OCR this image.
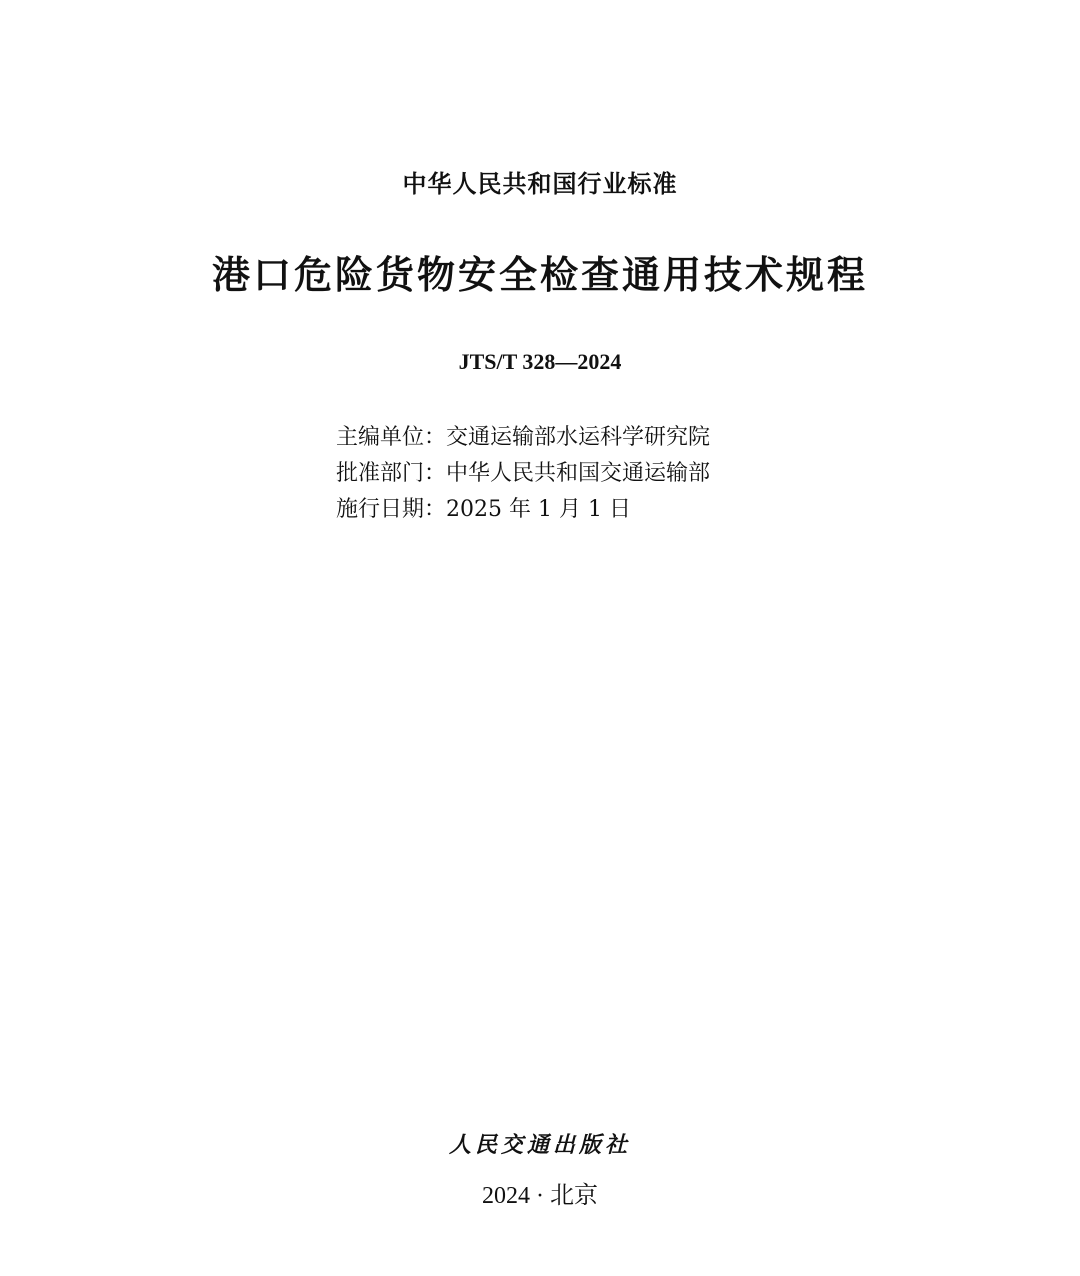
中华人民共和国行业标准
港口危险货物安全检查通用技术规程
JTS/T 328—2024
主编单位：交通运输部水运科学研究院
批准部门：中华人民共和国交通运输部
施行日期：2025 年 1 月 1 日
人民交通出版社
2024 · 北京
